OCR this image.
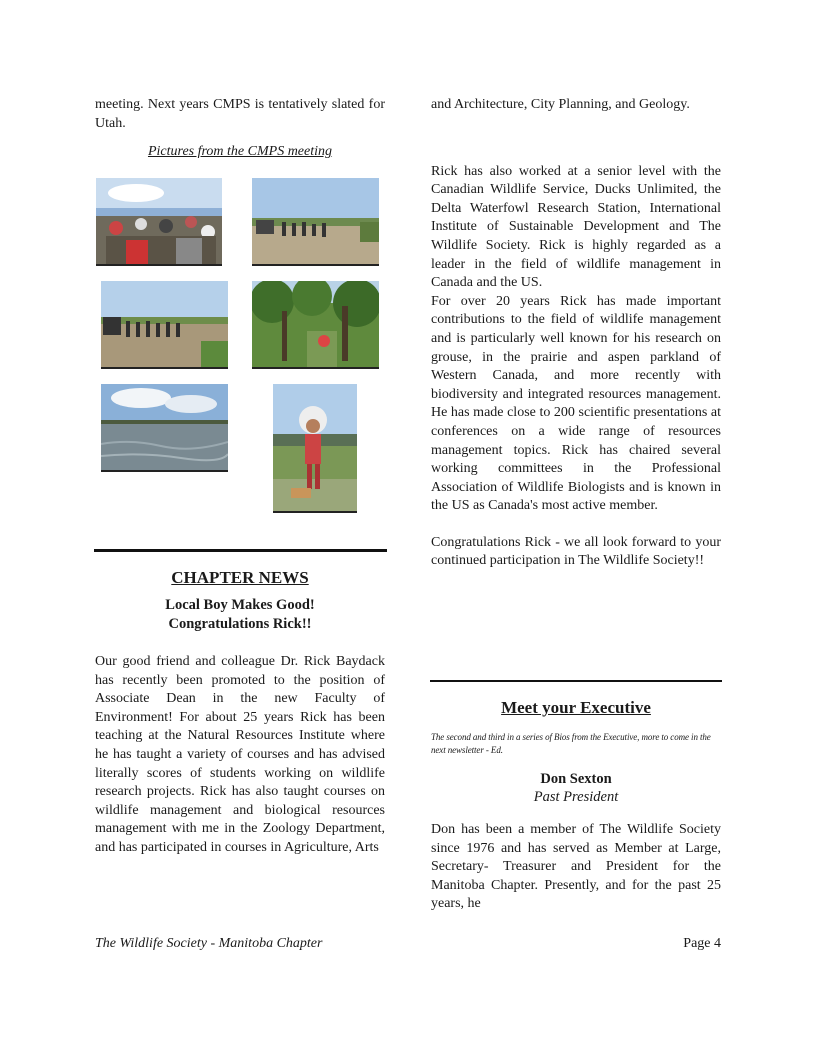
meeting. Next years CMPS is tentatively slated for Utah.

Pictures from the CMPS meeting
CHAPTER NEWS
Local Boy Makes Good!
Congratulations Rick!!

Our good friend and colleague Dr. Rick Baydack has recently been promoted to the position of Associate Dean in the new Faculty of Environment! For about 25 years Rick has been teaching at the Natural Resources Institute where he has taught a variety of courses and has advised literally scores of students working on wildlife research projects. Rick has also taught courses on wildlife management and biological resources management with me in the Zoology Department, and has participated in courses in Agriculture, Arts

and Architecture, City Planning, and Geology.

Rick has also worked at a senior level with the Canadian Wildlife Service, Ducks Unlimited, the Delta Waterfowl Research Station, International Institute of Sustainable Development and The Wildlife Society. Rick is highly regarded as a leader in the field of wildlife management in Canada and the US.

For over 20 years Rick has made important contributions to the field of wildlife management and is particularly well known for his research on grouse, in the prairie and aspen parkland of Western Canada, and more recently with biodiversity and integrated resources management. He has made close to 200 scientific presentations at conferences on a wide range of resources management topics. Rick has chaired several working committees in the Professional Association of Wildlife Biologists and is known in the US as Canada's most active member.

Congratulations Rick - we all look forward to your continued participation in The Wildlife Society!!

Meet your Executive
The second and third in a series of Bios from the Executive, more to come in the next newsletter - Ed.
Don Sexton
Past President

Don has been a member of The Wildlife Society since 1976 and has served as Member at Large, Secretary- Treasurer and President for the Manitoba Chapter. Presently, and for the past 25 years, he

The Wildlife Society - Manitoba Chapter	Page 4
